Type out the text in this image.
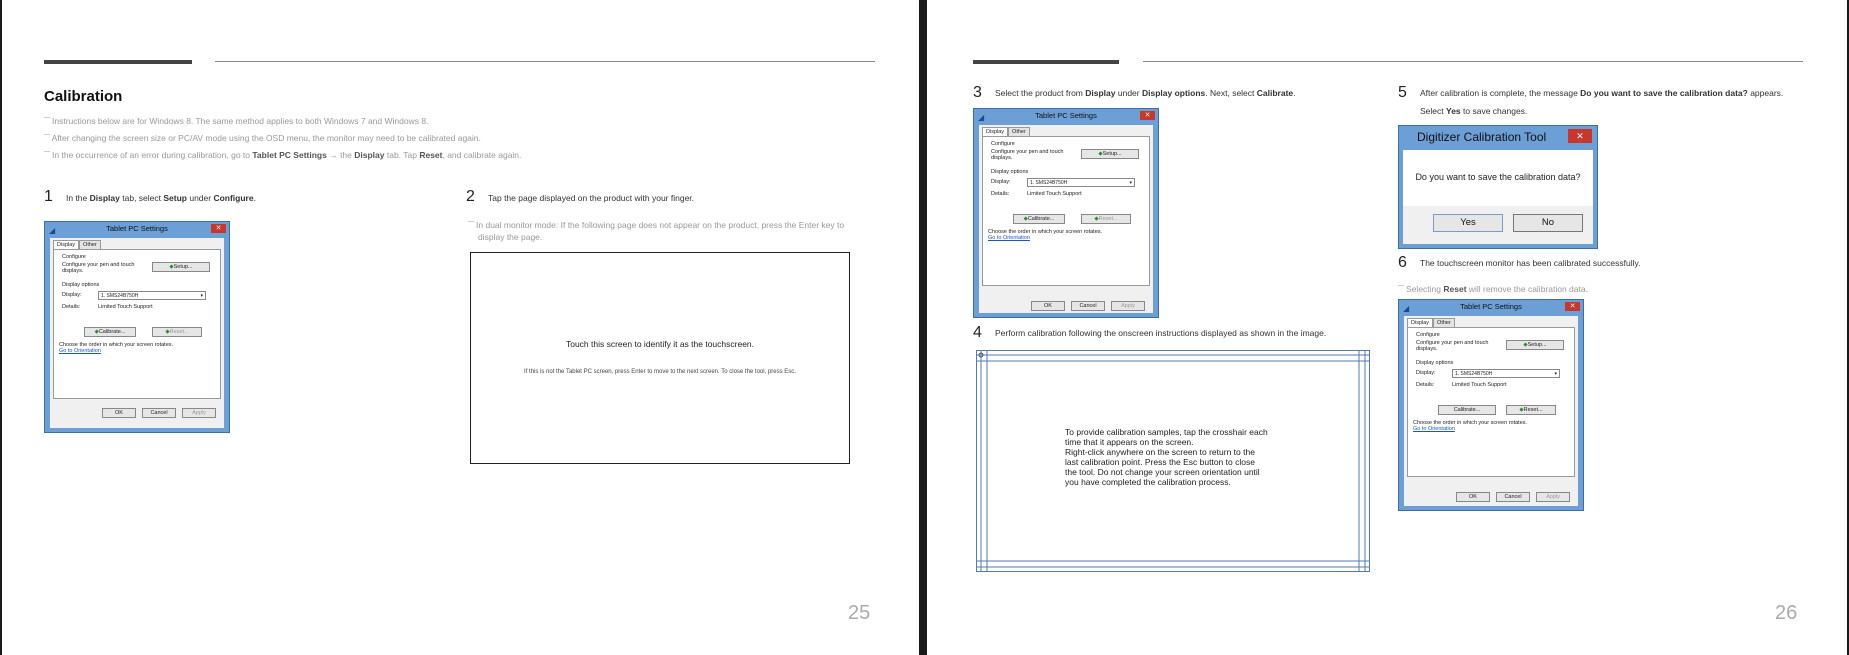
Calibration
‾‾ Instructions below are for Windows 8. The same method applies to both Windows 7 and Windows 8.
‾‾ After changing the screen size or PC/AV mode using the OSD menu, the monitor may need to be calibrated again.
‾‾ In the occurrence of an error during calibration, go to Tablet PC Settings → the Display tab. Tap Reset, and calibrate again.
1 In the Display tab, select Setup under Configure.
◢	Tablet PC Settings	✕
Display	Other
Configure
Configure your pen and touch
displays.
◆Setup...
Display options
Display:	1. SMS24B750H	▾
Details:	Limited Touch Support
◆Calibrate...	◆Reset...
Choose the order in which your screen rotates.
Go to Orientation
OK	Cancel	Apply
2 Tap the page displayed on the product with your finger.
‾‾ In dual monitor mode: If the following page does not appear on the product, press the Enter key to
display the page.
Touch this screen to identify it as the touchscreen.
If this is not the Tablet PC screen, press Enter to move to the next screen. To close the tool, press Esc.
25
3 Select the product from Display under Display options. Next, select Calibrate.
◢	Tablet PC Settings	✕
Display	Other
Configure
Configure your pen and touch
displays.
◆Setup...
Display options
Display:	1. SMS24B750H	▾
Details:	Limited Touch Support
◆Calibrate...	◆Reset...
Choose the order in which your screen rotates.
Go to Orientation
OK	Cancel	Apply
4 Perform calibration following the onscreen instructions displayed as shown in the image.
To provide calibration samples, tap the crosshair each
time that it appears on the screen.
Right-click anywhere on the screen to return to the
last calibration point. Press the Esc button to close
the tool. Do not change your screen orientation until
you have completed the calibration process.
5 After calibration is complete, the message Do you want to save the calibration data? appears.
Select Yes to save changes.
Digitizer Calibration Tool	✕
Do you want to save the calibration data?
Yes	No
6 The touchscreen monitor has been calibrated successfully.
‾‾ Selecting Reset will remove the calibration data.
◢	Tablet PC Settings	✕
Display	Other
Configure
Configure your pen and touch
displays.
◆Setup...
Display options
Display:	1. SMS24B750H	▾
Details:	Limited Touch Support
Calibrate...	◆Reset...
Choose the order in which your screen rotates.
Go to Orientation
OK	Cancel	Apply
26
